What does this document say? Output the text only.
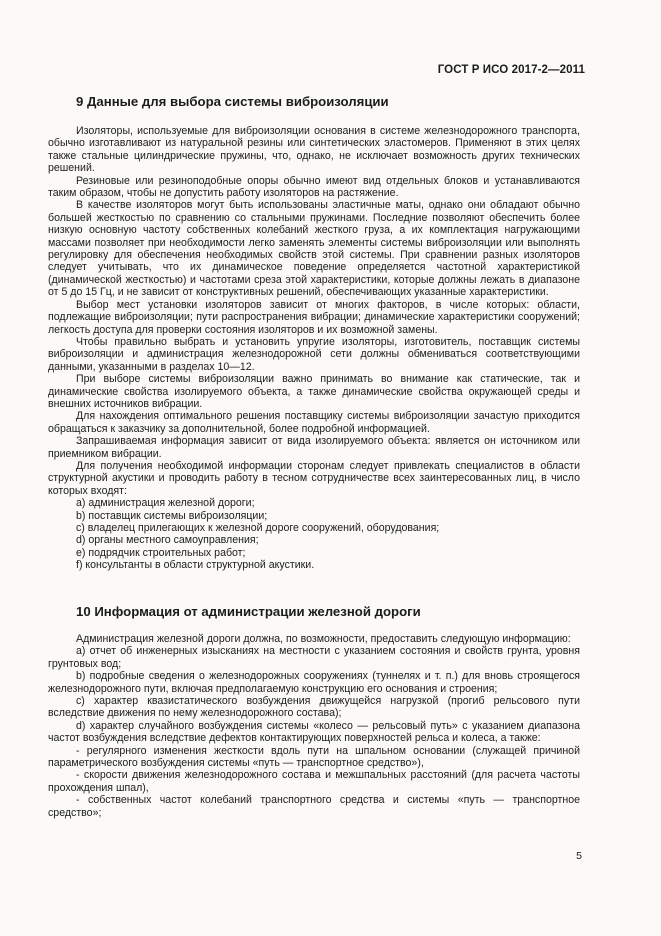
ГОСТ Р ИСО 2017-2—2011
9 Данные для выбора системы виброизоляции

Изоляторы, используемые для виброизоляции основания в системе железнодорожного транспорта, обычно изготавливают из натуральной резины или синтетических эластомеров. Применяют в этих целях также стальные цилиндрические пружины, что, однако, не исключает возможность других технических решений.

Резиновые или резиноподобные опоры обычно имеют вид отдельных блоков и устанавливаются таким образом, чтобы не допустить работу изоляторов на растяжение.

В качестве изоляторов могут быть использованы эластичные маты, однако они обладают обычно большей жесткостью по сравнению со стальными пружинами. Последние позволяют обеспечить более низкую основную частоту собственных колебаний жесткого груза, а их комплектация нагружающими массами позволяет при необходимости легко заменять элементы системы виброизоляции или выполнять регулировку для обеспечения необходимых свойств этой системы. При сравнении разных изоляторов следует учитывать, что их динамическое поведение определяется частотной характеристикой (динамической жесткостью) и частотами среза этой характеристики, которые должны лежать в диапазоне от 5 до 15 Гц, и не зависит от конструктивных решений, обеспечивающих указанные характеристики.

Выбор мест установки изоляторов зависит от многих факторов, в числе которых: области, подлежащие виброизоляции; пути распространения вибрации; динамические характеристики сооружений; легкость доступа для проверки состояния изоляторов и их возможной замены.

Чтобы правильно выбрать и установить упругие изоляторы, изготовитель, поставщик системы виброизоляции и администрация железнодорожной сети должны обмениваться соответствующими данными, указанными в разделах 10—12.

При выборе системы виброизоляции важно принимать во внимание как статические, так и динамические свойства изолируемого объекта, а также динамические свойства окружающей среды и внешних источников вибрации.

Для нахождения оптимального решения поставщику системы виброизоляции зачастую приходится обращаться к заказчику за дополнительной, более подробной информацией.

Запрашиваемая информация зависит от вида изолируемого объекта: является он источником или приемником вибрации.

Для получения необходимой информации сторонам следует привлекать специалистов в области структурной акустики и проводить работу в тесном сотрудничестве всех заинтересованных лиц, в число которых входят:

a) администрация железной дороги;
b) поставщик системы виброизоляции;
c) владелец прилегающих к железной дороге сооружений, оборудования;
d) органы местного самоуправления;
e) подрядчик строительных работ;
f) консультанты в области структурной акустики.
10 Информация от администрации железной дороги

Администрация железной дороги должна, по возможности, предоставить следующую информацию:

a) отчет об инженерных изысканиях на местности с указанием состояния и свойств грунта, уровня грунтовых вод;

b) подробные сведения о железнодорожных сооружениях (туннелях и т. п.) для вновь строящегося железнодорожного пути, включая предполагаемую конструкцию его основания и строения;

c) характер квазистатического возбуждения движущейся нагрузкой (прогиб рельсового пути вследствие движения по нему железнодорожного состава);

d) характер случайного возбуждения системы «колесо — рельсовый путь» с указанием диапазона частот возбуждения вследствие дефектов контактирующих поверхностей рельса и колеса, а также:

- регулярного изменения жесткости вдоль пути на шпальном основании (служащей причиной параметрического возбуждения системы «путь — транспортное средство»),

- скорости движения железнодорожного состава и межшпальных расстояний (для расчета частоты прохождения шпал),

- собственных частот колебаний транспортного средства и системы «путь — транспортное средство»;

5
